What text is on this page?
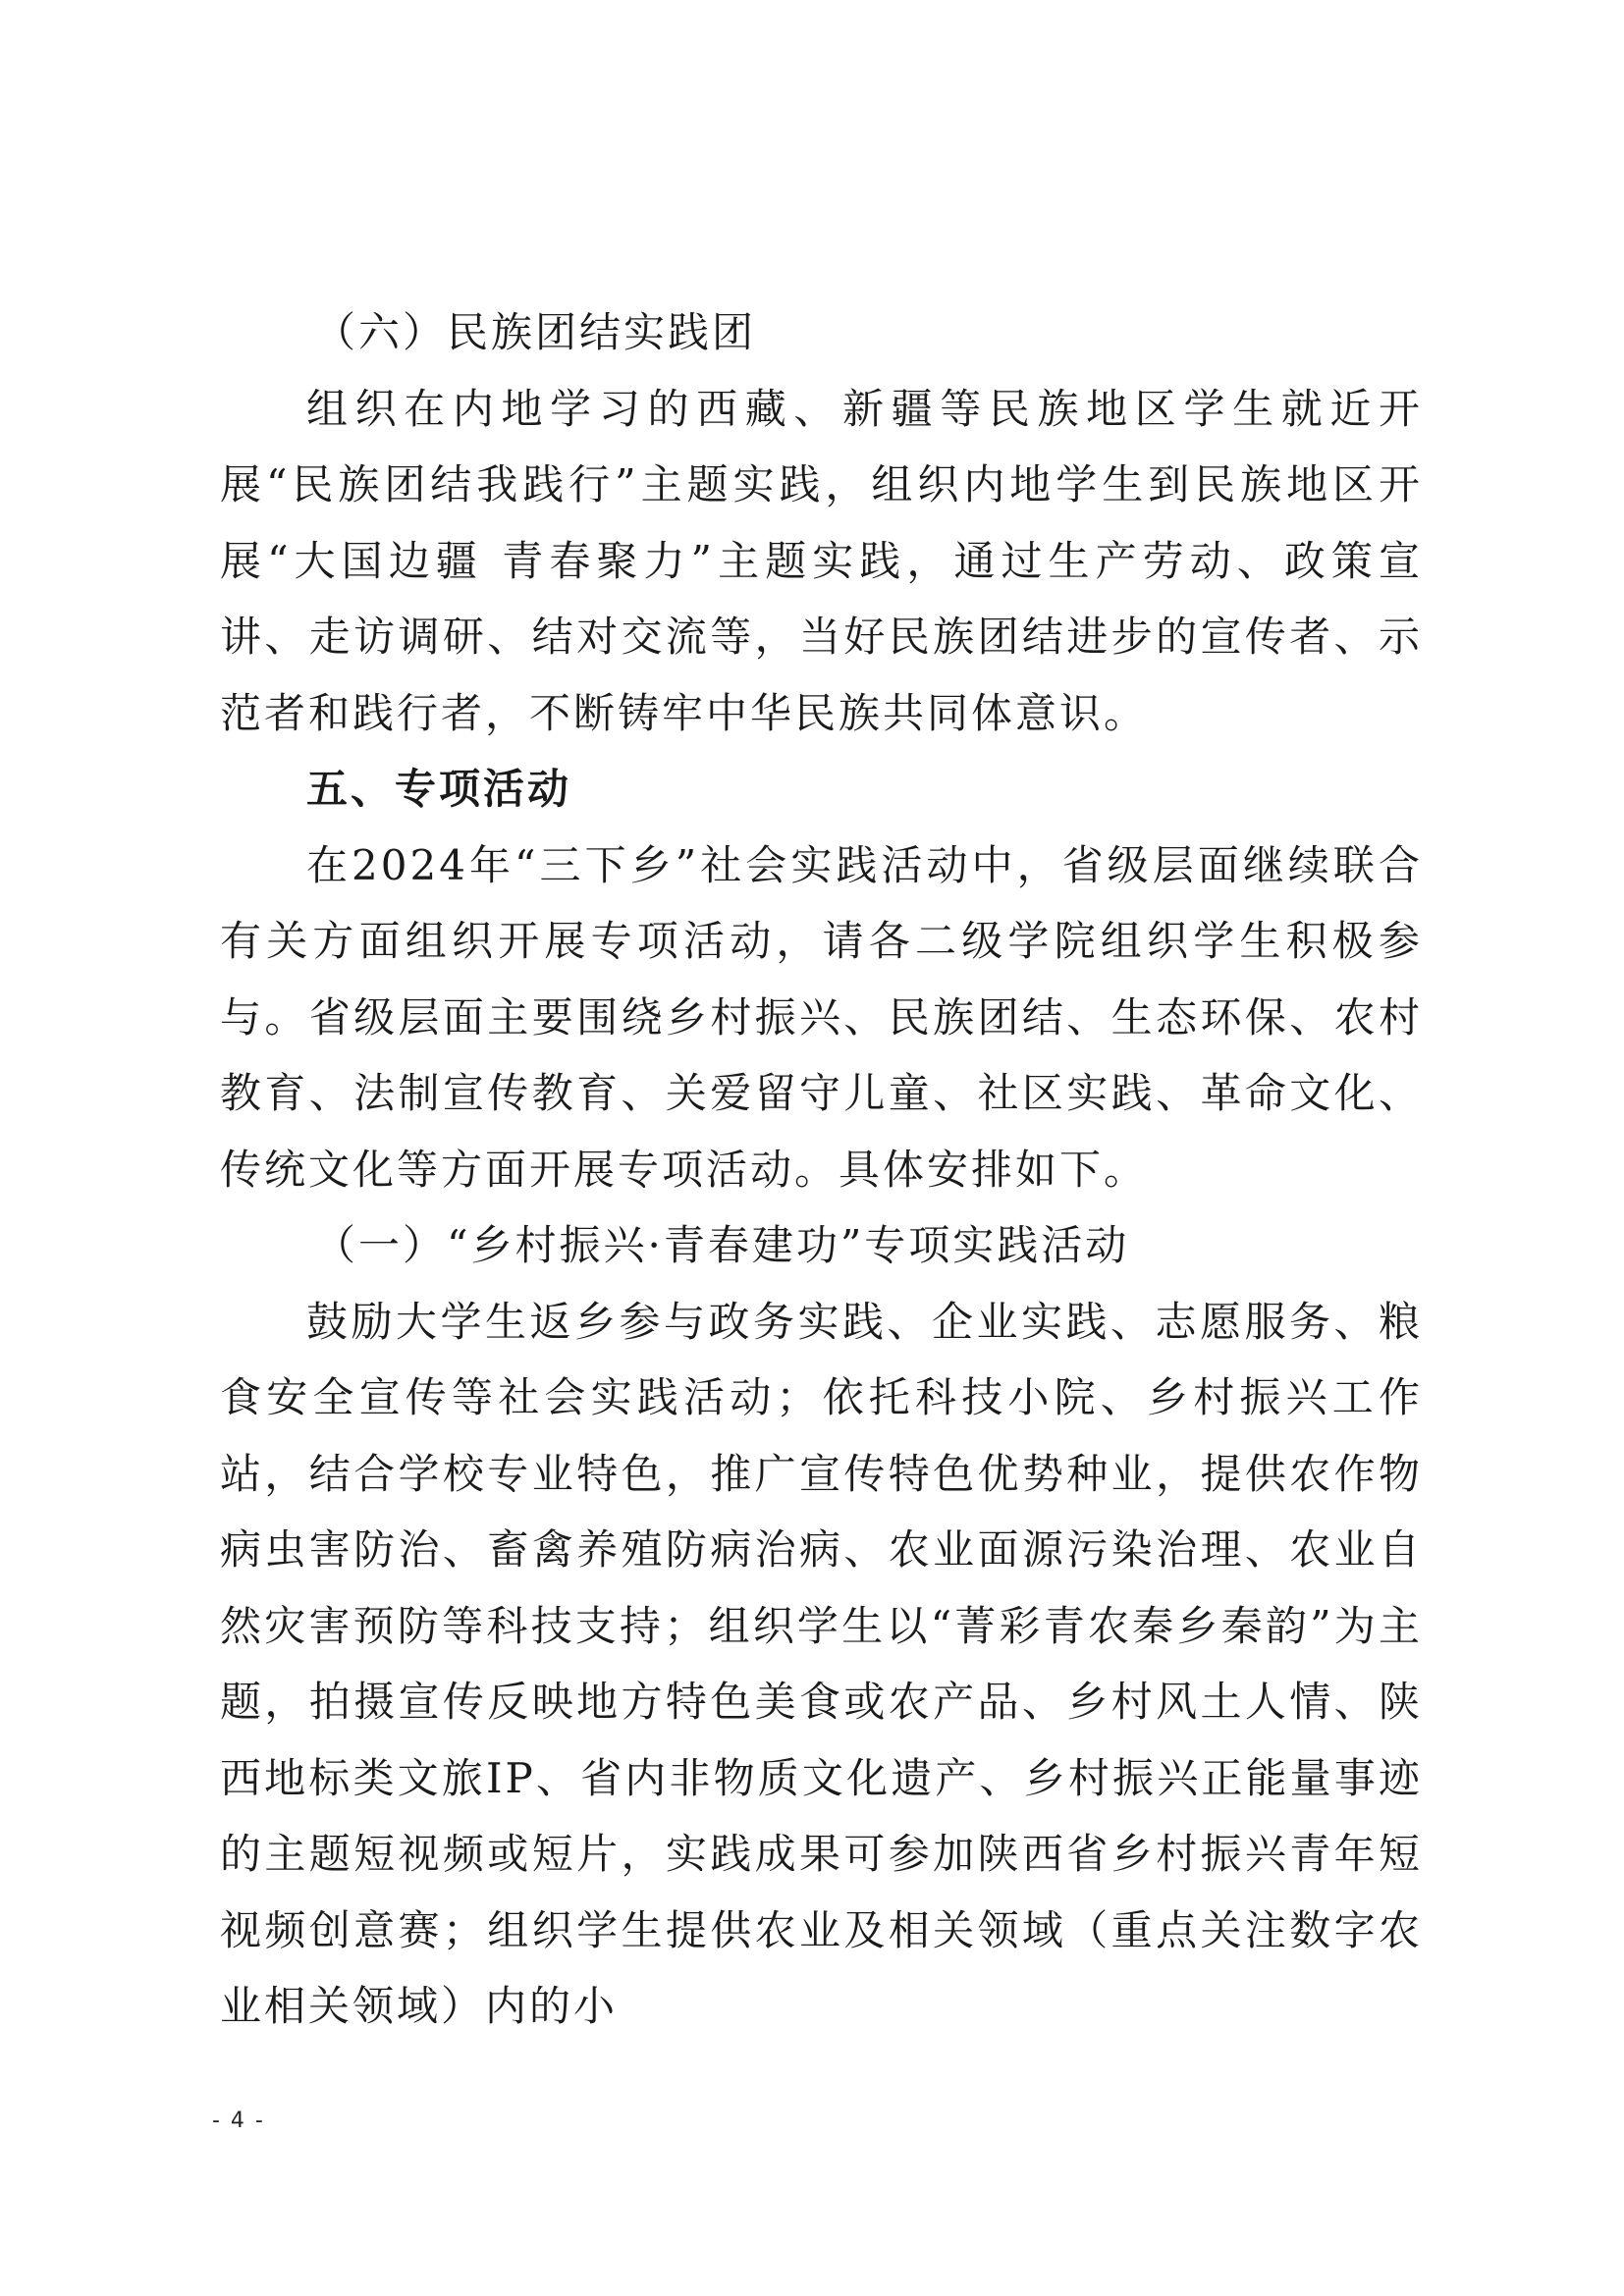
（六）民族团结实践团

组织在内地学习的西藏、新疆等民族地区学生就近开展“民族团结我践行”主题实践，组织内地学生到民族地区开展“大国边疆 青春聚力”主题实践，通过生产劳动、政策宣讲、走访调研、结对交流等，当好民族团结进步的宣传者、示范者和践行者，不断铸牢中华民族共同体意识。

五、专项活动

在2024年“三下乡”社会实践活动中，省级层面继续联合有关方面组织开展专项活动，请各二级学院组织学生积极参与。省级层面主要围绕乡村振兴、民族团结、生态环保、农村教育、法制宣传教育、关爱留守儿童、社区实践、革命文化、传统文化等方面开展专项活动。具体安排如下。

（一）“乡村振兴·青春建功”专项实践活动

鼓励大学生返乡参与政务实践、企业实践、志愿服务、粮食安全宣传等社会实践活动；依托科技小院、乡村振兴工作站，结合学校专业特色，推广宣传特色优势种业，提供农作物病虫害防治、畜禽养殖防病治病、农业面源污染治理、农业自然灾害预防等科技支持；组织学生以“菁彩青农秦乡秦韵”为主题，拍摄宣传反映地方特色美食或农产品、乡村风土人情、陕西地标类文旅IP、省内非物质文化遗产、乡村振兴正能量事迹的主题短视频或短片，实践成果可参加陕西省乡村振兴青年短视频创意赛；组织学生提供农业及相关领域（重点关注数字农业相关领域）内的小

- 4 -
